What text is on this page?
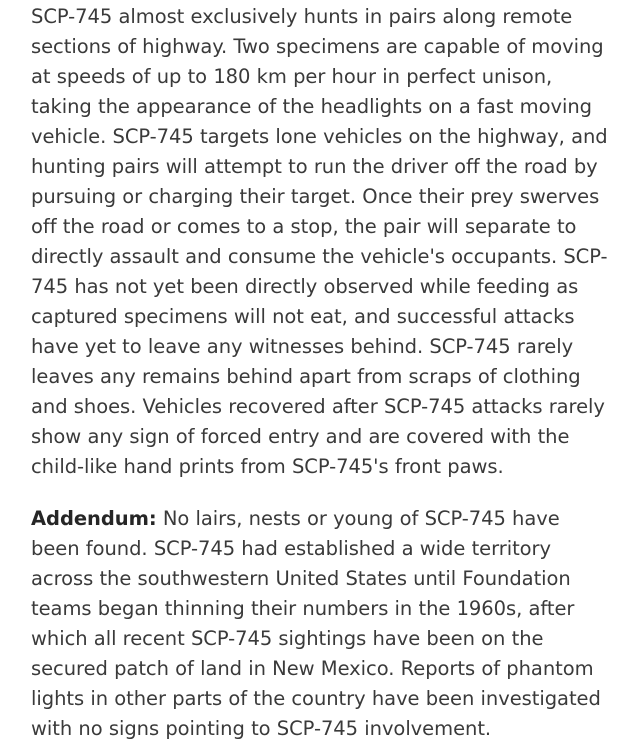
SCP-745 almost exclusively hunts in pairs along remote sections of highway. Two specimens are capable of moving at speeds of up to 180 km per hour in perfect unison, taking the appearance of the headlights on a fast moving vehicle. SCP-745 targets lone vehicles on the highway, and hunting pairs will attempt to run the driver off the road by pursuing or charging their target. Once their prey swerves off the road or comes to a stop, the pair will separate to directly assault and consume the vehicle's occupants. SCP-745 has not yet been directly observed while feeding as captured specimens will not eat, and successful attacks have yet to leave any witnesses behind. SCP-745 rarely leaves any remains behind apart from scraps of clothing and shoes. Vehicles recovered after SCP-745 attacks rarely show any sign of forced entry and are covered with the child-like hand prints from SCP-745's front paws.

Addendum: No lairs, nests or young of SCP-745 have been found. SCP-745 had established a wide territory across the southwestern United States until Foundation teams began thinning their numbers in the 1960s, after which all recent SCP-745 sightings have been on the secured patch of land in New Mexico. Reports of phantom lights in other parts of the country have been investigated with no signs pointing to SCP-745 involvement.
